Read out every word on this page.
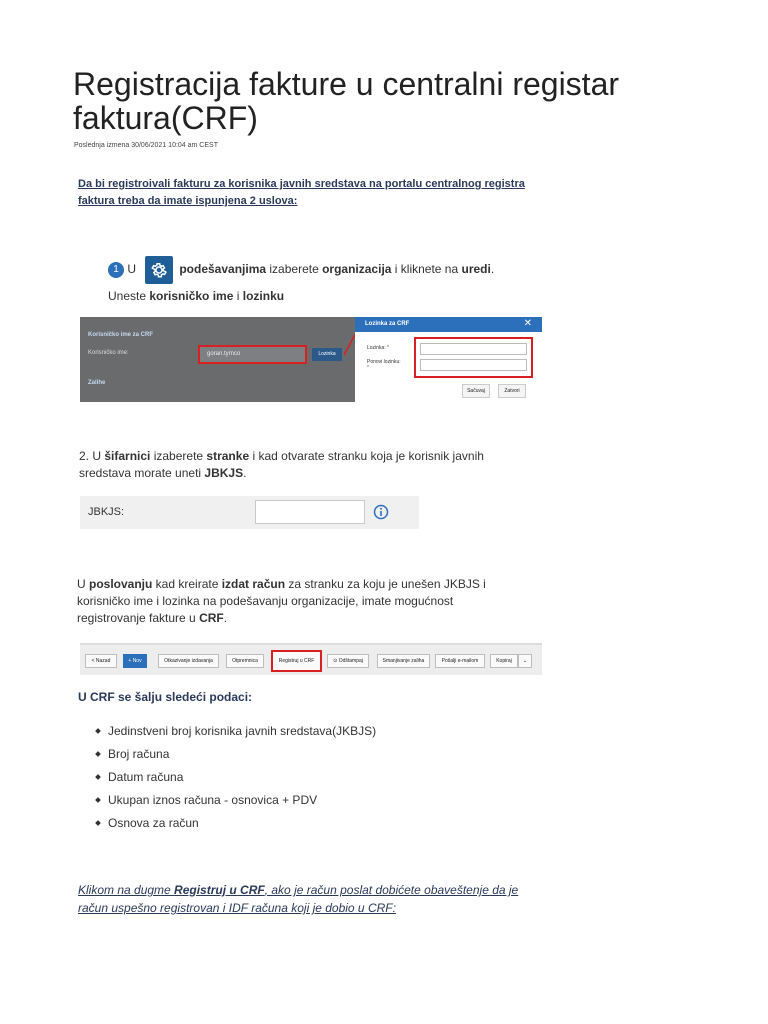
Registracija fakture u centralni registar faktura(CRF)
Poslednja izmena 30/06/2021 10:04 am CEST
Da bi registroivali fakturu za korisnika javnih sredstava na portalu centralnog registra faktura treba da imate ispunjena 2 uslova:
1 U	podešavanjima izaberete organizacija i kliknete na uredi. Uneste korisničko ime i lozinku
Korisničko ime za CRF
Korisničko ime:	goran.tyrnco	Lozinka
Zalihe
Lozinka za CRF	✕
Lozinka: *
Ponovi lozinku:
*
Sačuvaj	Zatvori
2. U šifarnici izaberete stranke i kad otvarate stranku koja je korisnik javnih sredstava morate uneti JBKJS.
JBKJS:
U poslovanju kad kreirate izdat račun za stranku za koju je unešen JKBJS i korisničko ime i lozinka na podešavanju organizacije, imate mogućnost registrovanje fakture u CRF.
< Nazad	+ Nov	Otkazivanje izdavanja	Otpremnica	Registruj u CRF	⊙ Odštampaj	Smanjivanje zaliha	Pošalji e-mailom	Kopiraj	⌄
U CRF se šalju sledeći podaci:
Jedinstveni broj korisnika javnih sredstava(JKBJS)
Broj računa
Datum računa
Ukupan iznos računa - osnovica + PDV
Osnova za račun
Klikom na dugme Registruj u CRF, ako je račun poslat dobićete obaveštenje da je račun uspešno registrovan i IDF računa koji je dobio u CRF:
